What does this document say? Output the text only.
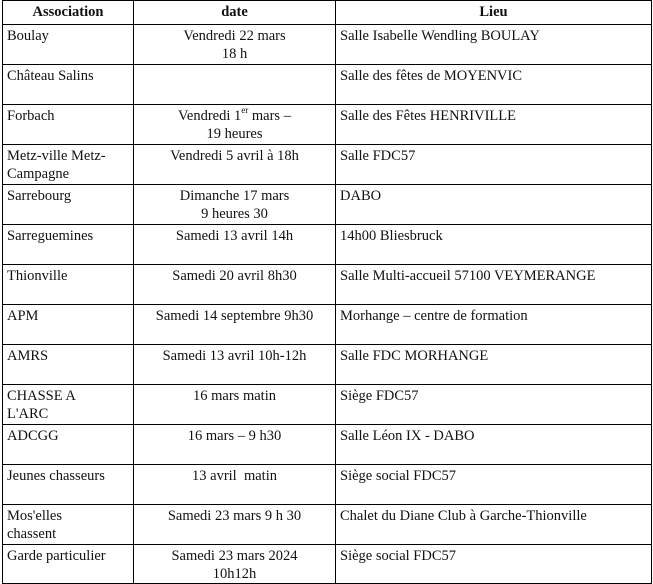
Association	date	Lieu

Boulay	Vendredi 22 mars
18 h	Salle Isabelle Wendling BOULAY

Château Salins		Salle des fêtes de MOYENVIC

Forbach	Vendredi 1er mars –
19 heures	Salle des Fêtes HENRIVILLE

Metz-ville Metz-
Campagne	Vendredi 5 avril à 18h	Salle FDC57

Sarrebourg	Dimanche 17 mars
9 heures 30	DABO

Sarreguemines	Samedi 13 avril 14h	14h00 Bliesbruck

Thionville	Samedi 20 avril 8h30	Salle Multi-accueil 57100 VEYMERANGE

APM	Samedi 14 septembre 9h30	Morhange – centre de formation

AMRS	Samedi 13 avril 10h-12h	Salle FDC MORHANGE

CHASSE A
L'ARC	16 mars matin	Siège FDC57

ADCGG	16 mars – 9 h30	Salle Léon IX - DABO

Jeunes chasseurs	13 avril  matin	Siège social FDC57

Mos'elles
chassent	Samedi 23 mars 9 h 30	Chalet du Diane Club à Garche-Thionville

Garde particulier	Samedi 23 mars 2024
10h12h	Siège social FDC57
